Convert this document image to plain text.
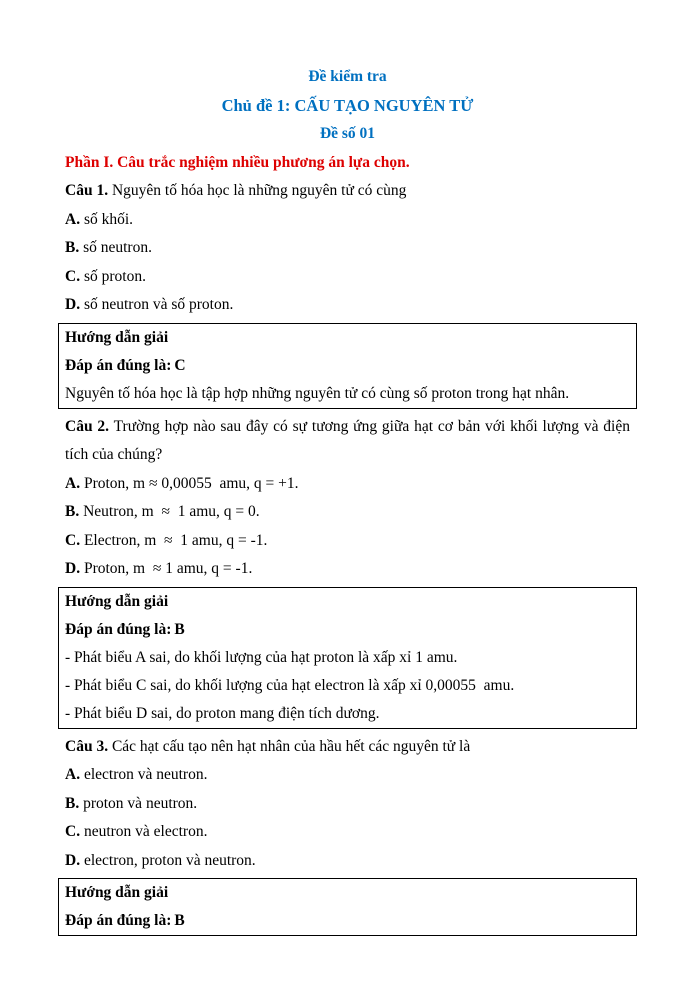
Đề kiểm tra

Chủ đề 1: CẤU TẠO NGUYÊN TỬ

Đề số 01

Phần I. Câu trắc nghiệm nhiều phương án lựa chọn.

Câu 1. Nguyên tố hóa học là những nguyên tử có cùng

A. số khối.

B. số neutron.

C. số proton.

D. số neutron và số proton.

Hướng dẫn giải

Đáp án đúng là: C

Nguyên tố hóa học là tập hợp những nguyên tử có cùng số proton trong hạt nhân.

Câu 2. Trường hợp nào sau đây có sự tương ứng giữa hạt cơ bản với khối lượng và điện tích của chúng?

A. Proton, m ≈ 0,00055  amu, q = +1.

B. Neutron, m  ≈  1 amu, q = 0.

C. Electron, m  ≈  1 amu, q = -1.

D. Proton, m  ≈ 1 amu, q = -1.

Hướng dẫn giải

Đáp án đúng là: B

- Phát biểu A sai, do khối lượng của hạt proton là xấp xỉ 1 amu.

- Phát biểu C sai, do khối lượng của hạt electron là xấp xỉ 0,00055  amu.

- Phát biểu D sai, do proton mang điện tích dương.

Câu 3. Các hạt cấu tạo nên hạt nhân của hầu hết các nguyên tử là

A. electron và neutron.

B. proton và neutron.

C. neutron và electron.

D. electron, proton và neutron.

Hướng dẫn giải

Đáp án đúng là: B
